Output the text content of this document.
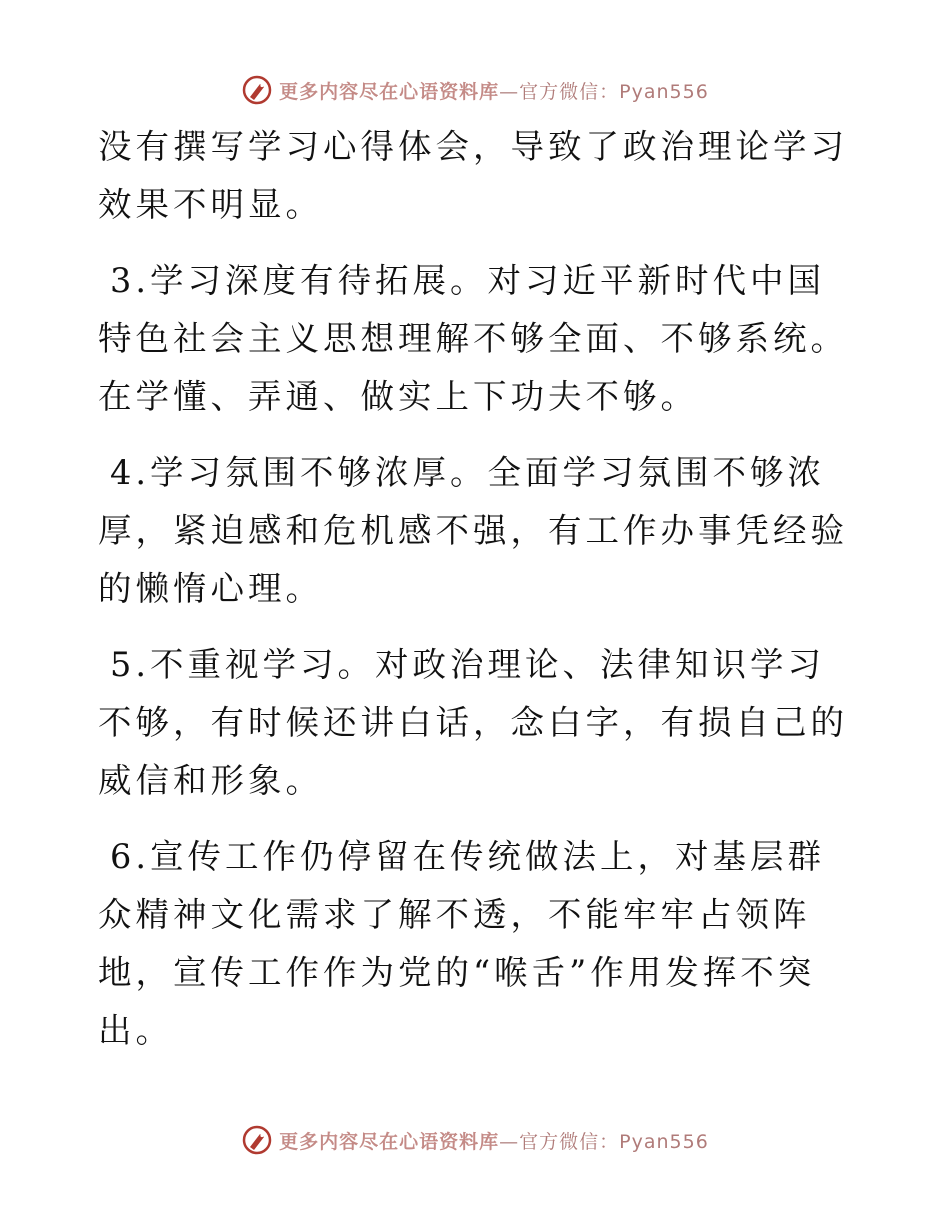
更多内容尽在心语资料库—官方微信：Pyan556

没有撰写学习心得体会，导致了政治理论学习效果不明显。

3.学习深度有待拓展。对习近平新时代中国特色社会主义思想理解不够全面、不够系统。在学懂、弄通、做实上下功夫不够。

4.学习氛围不够浓厚。全面学习氛围不够浓厚，紧迫感和危机感不强，有工作办事凭经验的懒惰心理。

5.不重视学习。对政治理论、法律知识学习不够，有时候还讲白话，念白字，有损自己的威信和形象。

6.宣传工作仍停留在传统做法上，对基层群众精神文化需求了解不透，不能牢牢占领阵地，宣传工作作为党的“喉舌”作用发挥不突出。

更多内容尽在心语资料库—官方微信：Pyan556
